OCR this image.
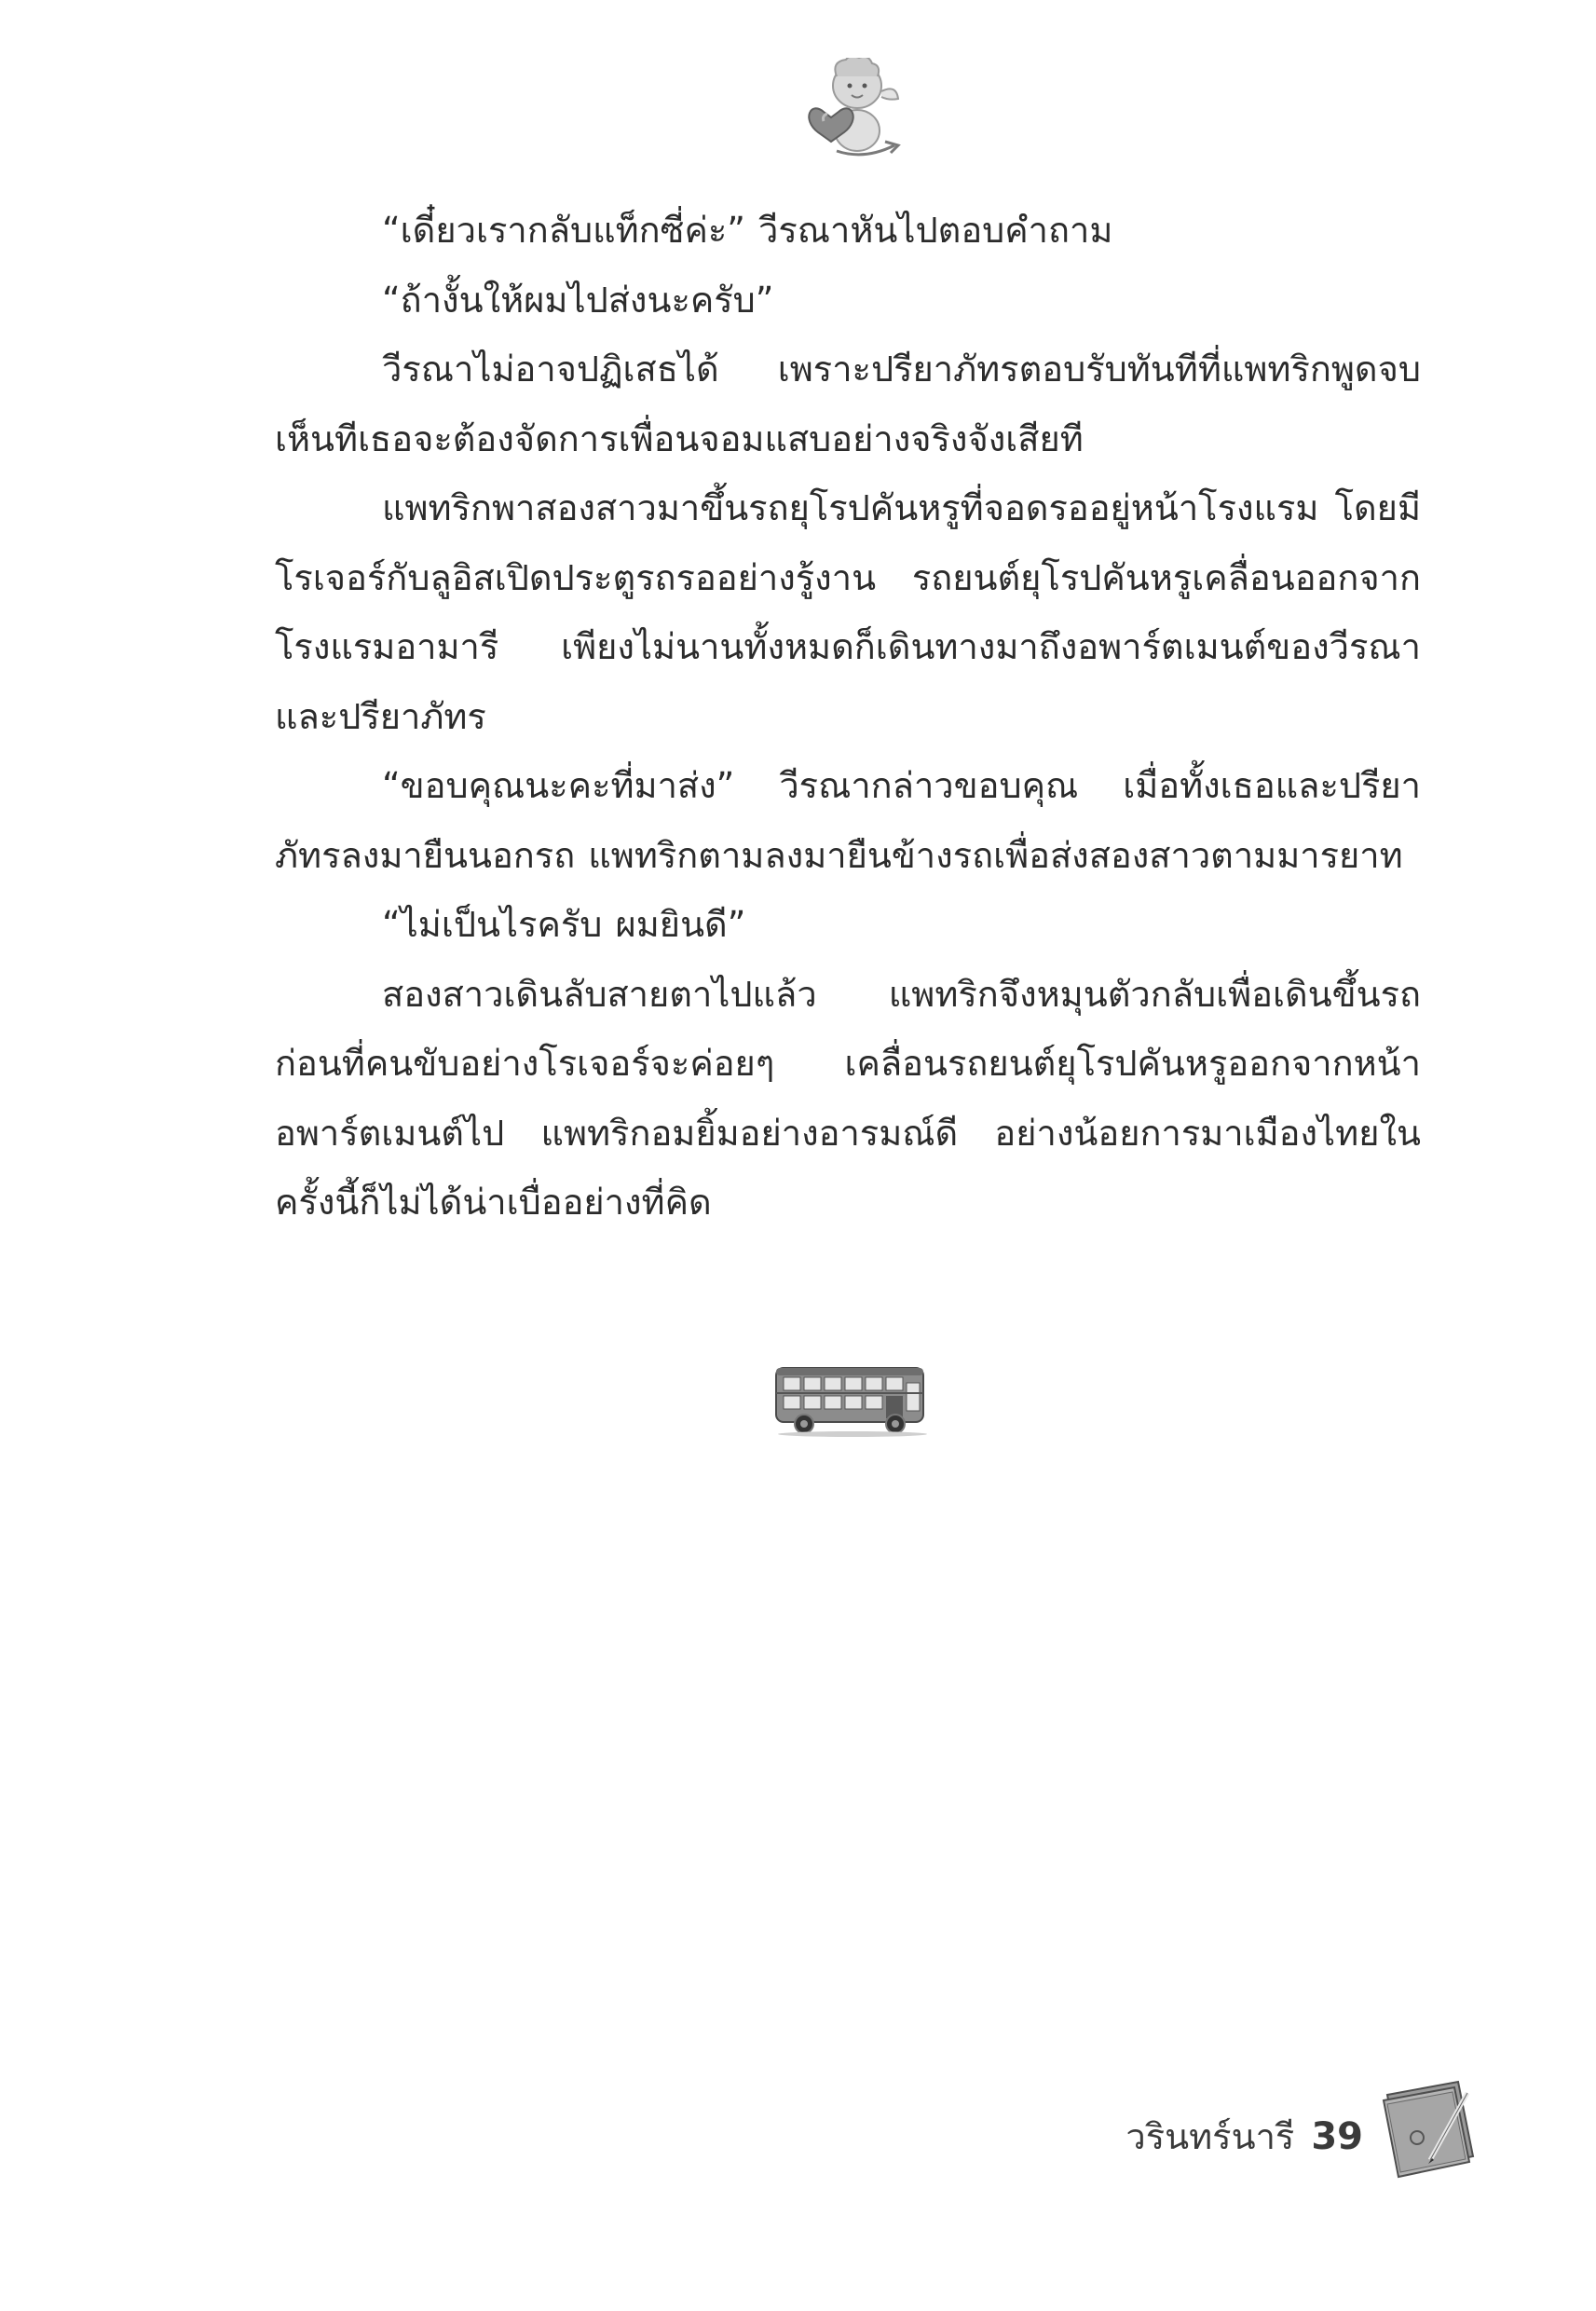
“เดี๋ยวเรากลับแท็กซี่ค่ะ” วีรณาหันไปตอบคำถาม

“ถ้างั้นให้ผมไปส่งนะครับ”

วีรณาไม่อาจปฏิเสธได้ เพราะปรียาภัทรตอบรับทันทีที่แพทริกพูดจบ เห็นทีเธอจะต้องจัดการเพื่อนจอมแสบอย่างจริงจังเสียที

แพทริกพาสองสาวมาขึ้นรถยุโรปคันหรูที่จอดรออยู่หน้าโรงแรม โดยมีโรเจอร์กับลูอิสเปิดประตูรถรออย่างรู้งาน รถยนต์ยุโรปคันหรูเคลื่อนออกจากโรงแรมอามารี เพียงไม่นานทั้งหมดก็เดินทางมาถึงอพาร์ตเมนต์ของวีรณาและปรียาภัทร

“ขอบคุณนะคะที่มาส่ง” วีรณากล่าวขอบคุณ เมื่อทั้งเธอและปรียาภัทรลงมายืนนอกรถ แพทริกตามลงมายืนข้างรถเพื่อส่งสองสาวตามมารยาท

“ไม่เป็นไรครับ ผมยินดี”

สองสาวเดินลับสายตาไปแล้ว แพทริกจึงหมุนตัวกลับเพื่อเดินขึ้นรถ ก่อนที่คนขับอย่างโรเจอร์จะค่อยๆ เคลื่อนรถยนต์ยุโรปคันหรูออกจากหน้าอพาร์ตเมนต์ไป แพทริกอมยิ้มอย่างอารมณ์ดี อย่างน้อยการมาเมืองไทยในครั้งนี้ก็ไม่ได้น่าเบื่ออย่างที่คิด

วรินทร์นารี 39
